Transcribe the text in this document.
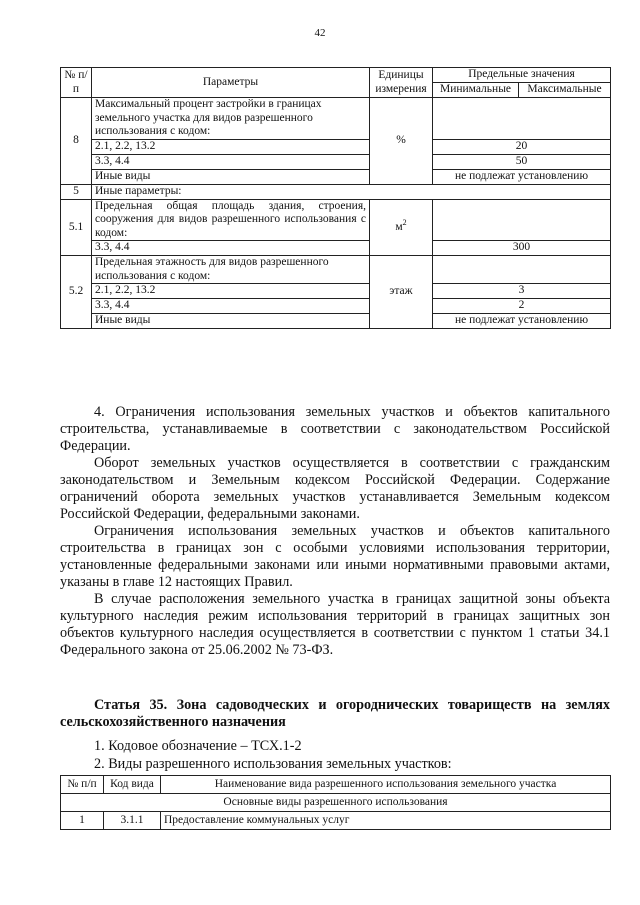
42
№ п/п	Параметры	Единицы измерения	Предельные значения	
			Минимальные	Максимальные
8	Максимальный процент застройки в границах земельного участка для видов разрешенного использования с кодом:	%		
	2.1, 2.2, 13.2		20	
	3.3, 4.4		50	
	Иные виды		не подлежат установлению	
5	Иные параметры:			
5.1	Предельная общая площадь здания, строения, сооружения для видов разрешенного использования с кодом:	$м^2$	
	3.3, 4.4		300	
5.2	Предельная этажность для видов разрешенного использования с кодом:	этаж		
	2.1, 2.2, 13.2		3	
	3.3, 4.4		2	
	Иные виды		не подлежат установлению	

4. Ограничения использования земельных участков и объектов капитального строительства, устанавливаемые в соответствии с законодательством Российской Федерации.

Оборот земельных участков осуществляется в соответствии с гражданским законодательством и Земельным кодексом Российской Федерации. Содержание ограничений оборота земельных участков устанавливается Земельным кодексом Российской Федерации, федеральными законами.

Ограничения использования земельных участков и объектов капитального строительства в границах зон с особыми условиями использования территории, установленные федеральными законами или иными нормативными правовыми актами, указаны в главе 12 настоящих Правил.

В случае расположения земельного участка в границах защитной зоны объекта культурного наследия режим использования территорий в границах защитных зон объектов культурного наследия осуществляется в соответствии с пунктом 1 статьи 34.1 Федерального закона от 25.06.2002 № 73-ФЗ.

Статья 35. Зона садоводческих и огороднических товариществ на землях сельскохозяйственного назначения
1. Кодовое обозначение – ТСХ.1-2
2. Виды разрешенного использования земельных участков:
№ п/п	Код вида	Наименование вида разрешенного использования земельного участка
Основные виды разрешенного использования		
1	3.1.1	Предоставление коммунальных услуг
